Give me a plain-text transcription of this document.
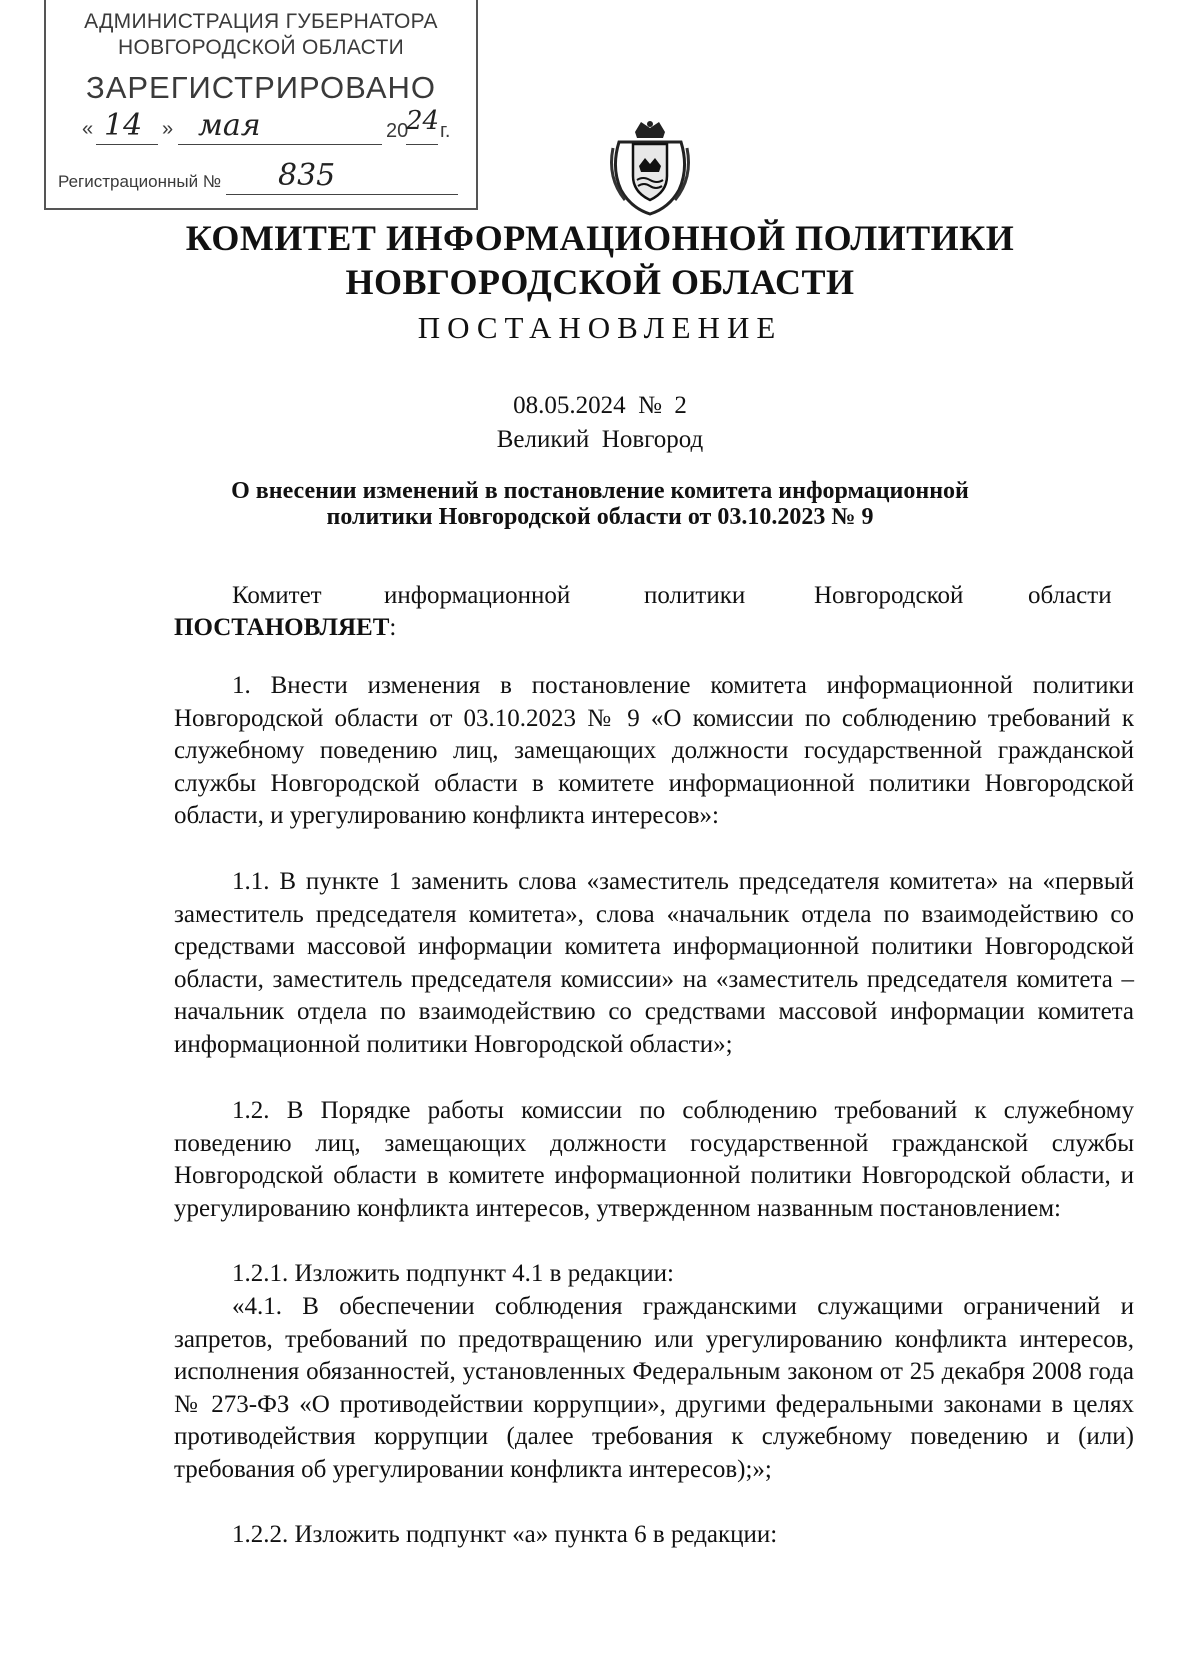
АДМИНИСТРАЦИЯ ГУБЕРНАТОРА
НОВГОРОДСКОЙ ОБЛАСТИ
ЗАРЕГИСТРИРОВАНО
« 14 » мая	20
24 г.
Регистрационный № 835
КОМИТЕТ ИНФОРМАЦИОННОЙ ПОЛИТИКИ
НОВГОРОДСКОЙ ОБЛАСТИ
ПОСТАНОВЛЕНИЕ
08.05.2024  №  2
Великий  Новгород
О внесении изменений в постановление комитета информационной
политики Новгородской области от 03.10.2023 № 9
Комитет информационной	политики	Новгородской	области
ПОСТАНОВЛЯЕТ:
1. Внести изменения в постановление комитета информационной политики Новгородской области от 03.10.2023 № 9 «О комиссии по соблюдению требований к служебному поведению лиц, замещающих должности государственной гражданской службы Новгородской области в комитете информационной политики Новгородской области, и урегулированию конфликта интересов»:
1.1. В пункте 1 заменить слова «заместитель председателя комитета» на «первый заместитель председателя комитета», слова «начальник отдела по взаимодействию со средствами массовой информации комитета информационной политики Новгородской области, заместитель председателя комиссии» на «заместитель председателя комитета – начальник отдела по взаимодействию со средствами массовой информации комитета информационной политики Новгородской области»;
1.2. В Порядке работы комиссии по соблюдению требований к служебному поведению лиц, замещающих должности государственной гражданской службы Новгородской области в комитете информационной политики Новгородской области, и урегулированию конфликта интересов, утвержденном названным постановлением:
1.2.1. Изложить подпункт 4.1 в редакции:
«4.1. В обеспечении соблюдения гражданскими служащими ограничений и запретов, требований по предотвращению или урегулированию конфликта интересов, исполнения обязанностей, установленных Федеральным законом от 25 декабря 2008 года № 273-ФЗ «О противодействии коррупции», другими федеральными законами в целях противодействия коррупции (далее требования к служебному поведению и (или) требования об урегулировании конфликта интересов);»;
1.2.2. Изложить подпункт «а» пункта 6 в редакции:
